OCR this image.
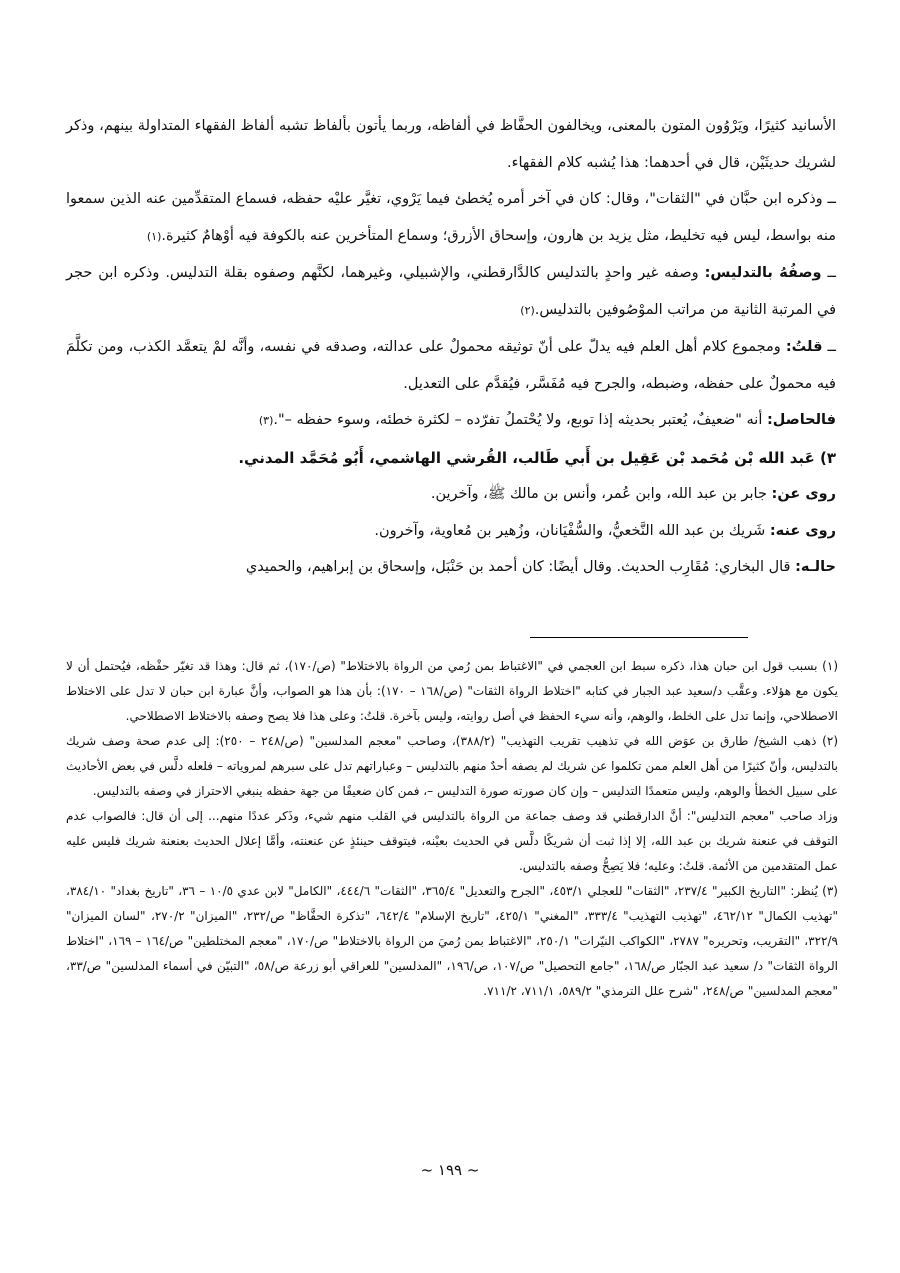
الأسانيد كثيرًا، ويَرْوُون المتون بالمعنى، ويخالفون الحفَّاظ في ألفاظه، وربما يأتون بألفاظ تشبه ألفاظ الفقهاء المتداولة بينهم، وذكر لشريك حديثَيْن، قال في أحدهما: هذا يُشبه كلام الفقهاء.

ــ وذكره ابن حبَّان في "الثقات"، وقال: كان في آخر أمره يُخطئ فيما يَرْوي، تغيَّر عليْه حفظه، فسماع المتقدِّمين عنه الذين سمعوا منه بواسط، ليس فيه تخليط، مثل يزيد بن هارون، وإسحاق الأزرق؛ وسماع المتأخرين عنه بالكوفة فيه أوْهامٌ كثيرة.(١)

ــ وصفُهُ بالتدليس: وصفه غير واحدٍ بالتدليس كالدَّارقطني، والإشبيلي، وغيرهما، لكنَّهم وصفوه بقلة التدليس. وذكره ابن حجر في المرتبة الثانية من مراتب الموْصُوفين بالتدليس.(٢)

ــ قلتُ: ومجموع كلام أهل العلم فيه يدلّ على أنّ توثيقه محمولٌ على عدالته، وصدقه في نفسه، وأنَّه لمْ يتعمَّد الكذب، ومن تكلَّمَ فيه محمولٌ على حفظه، وضبطه، والجرح فيه مُفَسَّر، فيُقدَّم على التعديل.

فالحاصل: أنه "ضعيفٌ، يُعتبر بحديثه إذا توبع، ولا يُحْتملُ تفرّده – لكثرة خطئه، وسوء حفظه –".(٣)

٣) عَبد الله بْن مُحَمد بْن عَقِيل بن أَبي طَالب، القُرشي الهاشمي، أَبُو مُحَمَّد المدني.

روى عن: جابر بن عبد الله، وابن عُمر، وأنس بن مالك ﷺ، وآخرين.

روى عنه: شَريك بن عبد الله النَّخعيُّ، والسُّفْيَانان، وزُهير بن مُعاوية، وآخرون.

حالـه: قال البخاري: مُقَارِب الحديث. وقال أيضًا: كان أحمد بن حَنْبَل، وإسحاق بن إبراهيم، والحميدي

(١) بسبب قول ابن حبان هذا، ذكره سبط ابن العجمي في "الاغتباط بمن رُمي من الرواة بالاختلاط" (ص/١٧٠)، ثم قال: وهذا قد تغيّر حفْظه، فيُحتمل أن لا يكون مع هؤلاء. وعقَّب د/سعيد عبد الجبار في كتابه "اختلاط الرواة الثقات" (ص/١٦٨ – ١٧٠): بأن هذا هو الصواب، وأنَّ عبارة ابن حبان لا تدل على الاختلاط الاصطلاحي، وإنما تدل على الخلط، والوهم، وأنه سيء الحفظ في أصل روايته، وليس بآخرة. قلتُ: وعلى هذا فلا يصح وصفه بالاختلاط الاصطلاحي.

(٢) ذهب الشيخ/ طارق بن عوَض الله في تذهيب تقريب التهذيب" (٣٨٨/٢)، وصاحب "معجم المدلسين" (ص/٢٤٨ – ٢٥٠): إلى عدم صحة وصف شريك بالتدليس، وأنّ كثيرًا من أهل العلم ممن تكلموا عن شريك لم يصفه أحدٌ منهم بالتدليس – وعباراتهم تدل على سبرهم لمروياته – فلعله دلَّس في بعض الأحاديث على سبيل الخطأ والوهم، وليس متعمدًا التدليس – وإن كان صورته صورة التدليس –، فمن كان ضعيفًا من جهة حفظه ينبغي الاحتراز في وصفه بالتدليس.

وزاد صاحب "معجم التدليس": أنَّ الدارقطني قد وصف جماعة من الرواة بالتدليس في القلب منهم شيء، وذَكر عددًا منهم... إلى أن قال: فالصواب عدم التوقف في عنعنة شريك بن عبد الله، إلا إذا ثبت أن شريكًا دلَّس في الحديث بعيْنه، فيتوقف حينئذٍ عن عنعنته، وأمَّا إعلال الحديث بعنعنة شريك فليس عليه عمل المتقدمين من الأئمة. قلتُ: وعليه؛ فلا يَصِحُّ وصفه بالتدليس.

(٣) يُنظر: "التاريخ الكبير" ٢٣٧/٤، "الثقات" للعجلي ٤٥٣/١، "الجرح والتعديل" ٣٦٥/٤، "الثقات" ٤٤٤/٦، "الكامل" لابن عدي ١٠/٥ – ٣٦، "تاريخ بغداد" ٣٨٤/١٠، "تهذيب الكمال" ٤٦٢/١٢، "تهذيب التهذيب" ٣٣٣/٤، "المغني" ٤٢٥/١، "تاريخ الإسلام" ٦٤٢/٤، "تذكرة الحفَّاظ" ص/٢٣٢، "الميزان" ٢٧٠/٢، "لسان الميزان" ٣٢٢/٩، "التقريب، وتحريره" ٢٧٨٧، "الكواكب النيّرات" ٢٥٠/١، "الاغتباط بمن رُميَ من الرواة بالاختلاط" ص/١٧٠، "معجم المختلطين" ص/١٦٤ – ١٦٩، "اختلاط الرواة الثقات" د/ سعيد عبد الجبّار ص/١٦٨، "جامع التحصيل" ص/١٠٧، ص/١٩٦، "المدلسين" للعراقي أبو زرعة ص/٥٨، "التبيّن في أسماء المدلسين" ص/٣٣، "معجم المدلسين" ص/٢٤٨، "شرح علل الترمذي" ٥٨٩/٢، ٧١١/١، ٧١١/٢.

~ ١٩٩ ~
